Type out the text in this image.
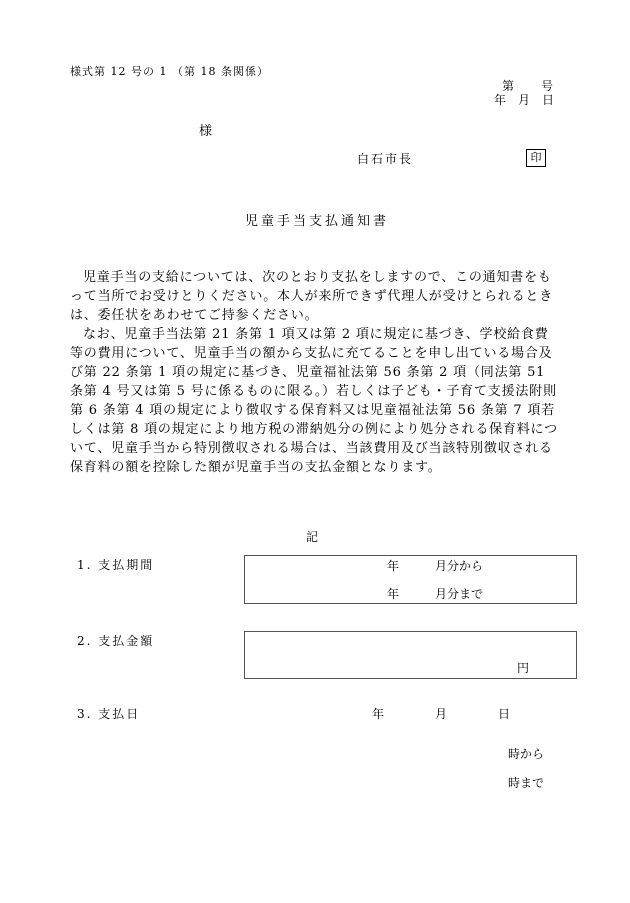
様式第 12 号の 1 （第 18 条関係）
第　　号
年　月　日
様
白石市長	印
児童手当支払通知書

児童手当の支給については、次のとおり支払をしますので、この通知書をもって当所でお受けとりください。本人が来所できず代理人が受けとられるときは、委任状をあわせてご持参ください。

なお、児童手当法第 21 条第 1 項又は第 2 項に規定に基づき、学校給食費等の費用について、児童手当の額から支払に充てることを申し出ている場合及び第 22 条第 1 項の規定に基づき、児童福祉法第 56 条第 2 項（同法第 51 条第 4 号又は第 5 号に係るものに限る。）若しくは子ども・子育て支援法附則第 6 条第 4 項の規定により徴収する保育料又は児童福祉法第 56 条第 7 項若しくは第 8 項の規定により地方税の滞納処分の例により処分される保育料について、児童手当から特別徴収される場合は、当該費用及び当該特別徴収される保育料の額を控除した額が児童手当の支払金額となります。

記
1. 支払期間	年	月分から
年	月分まで
2. 支払金額
円
3. 支払日	年	月	日
時から
時まで
